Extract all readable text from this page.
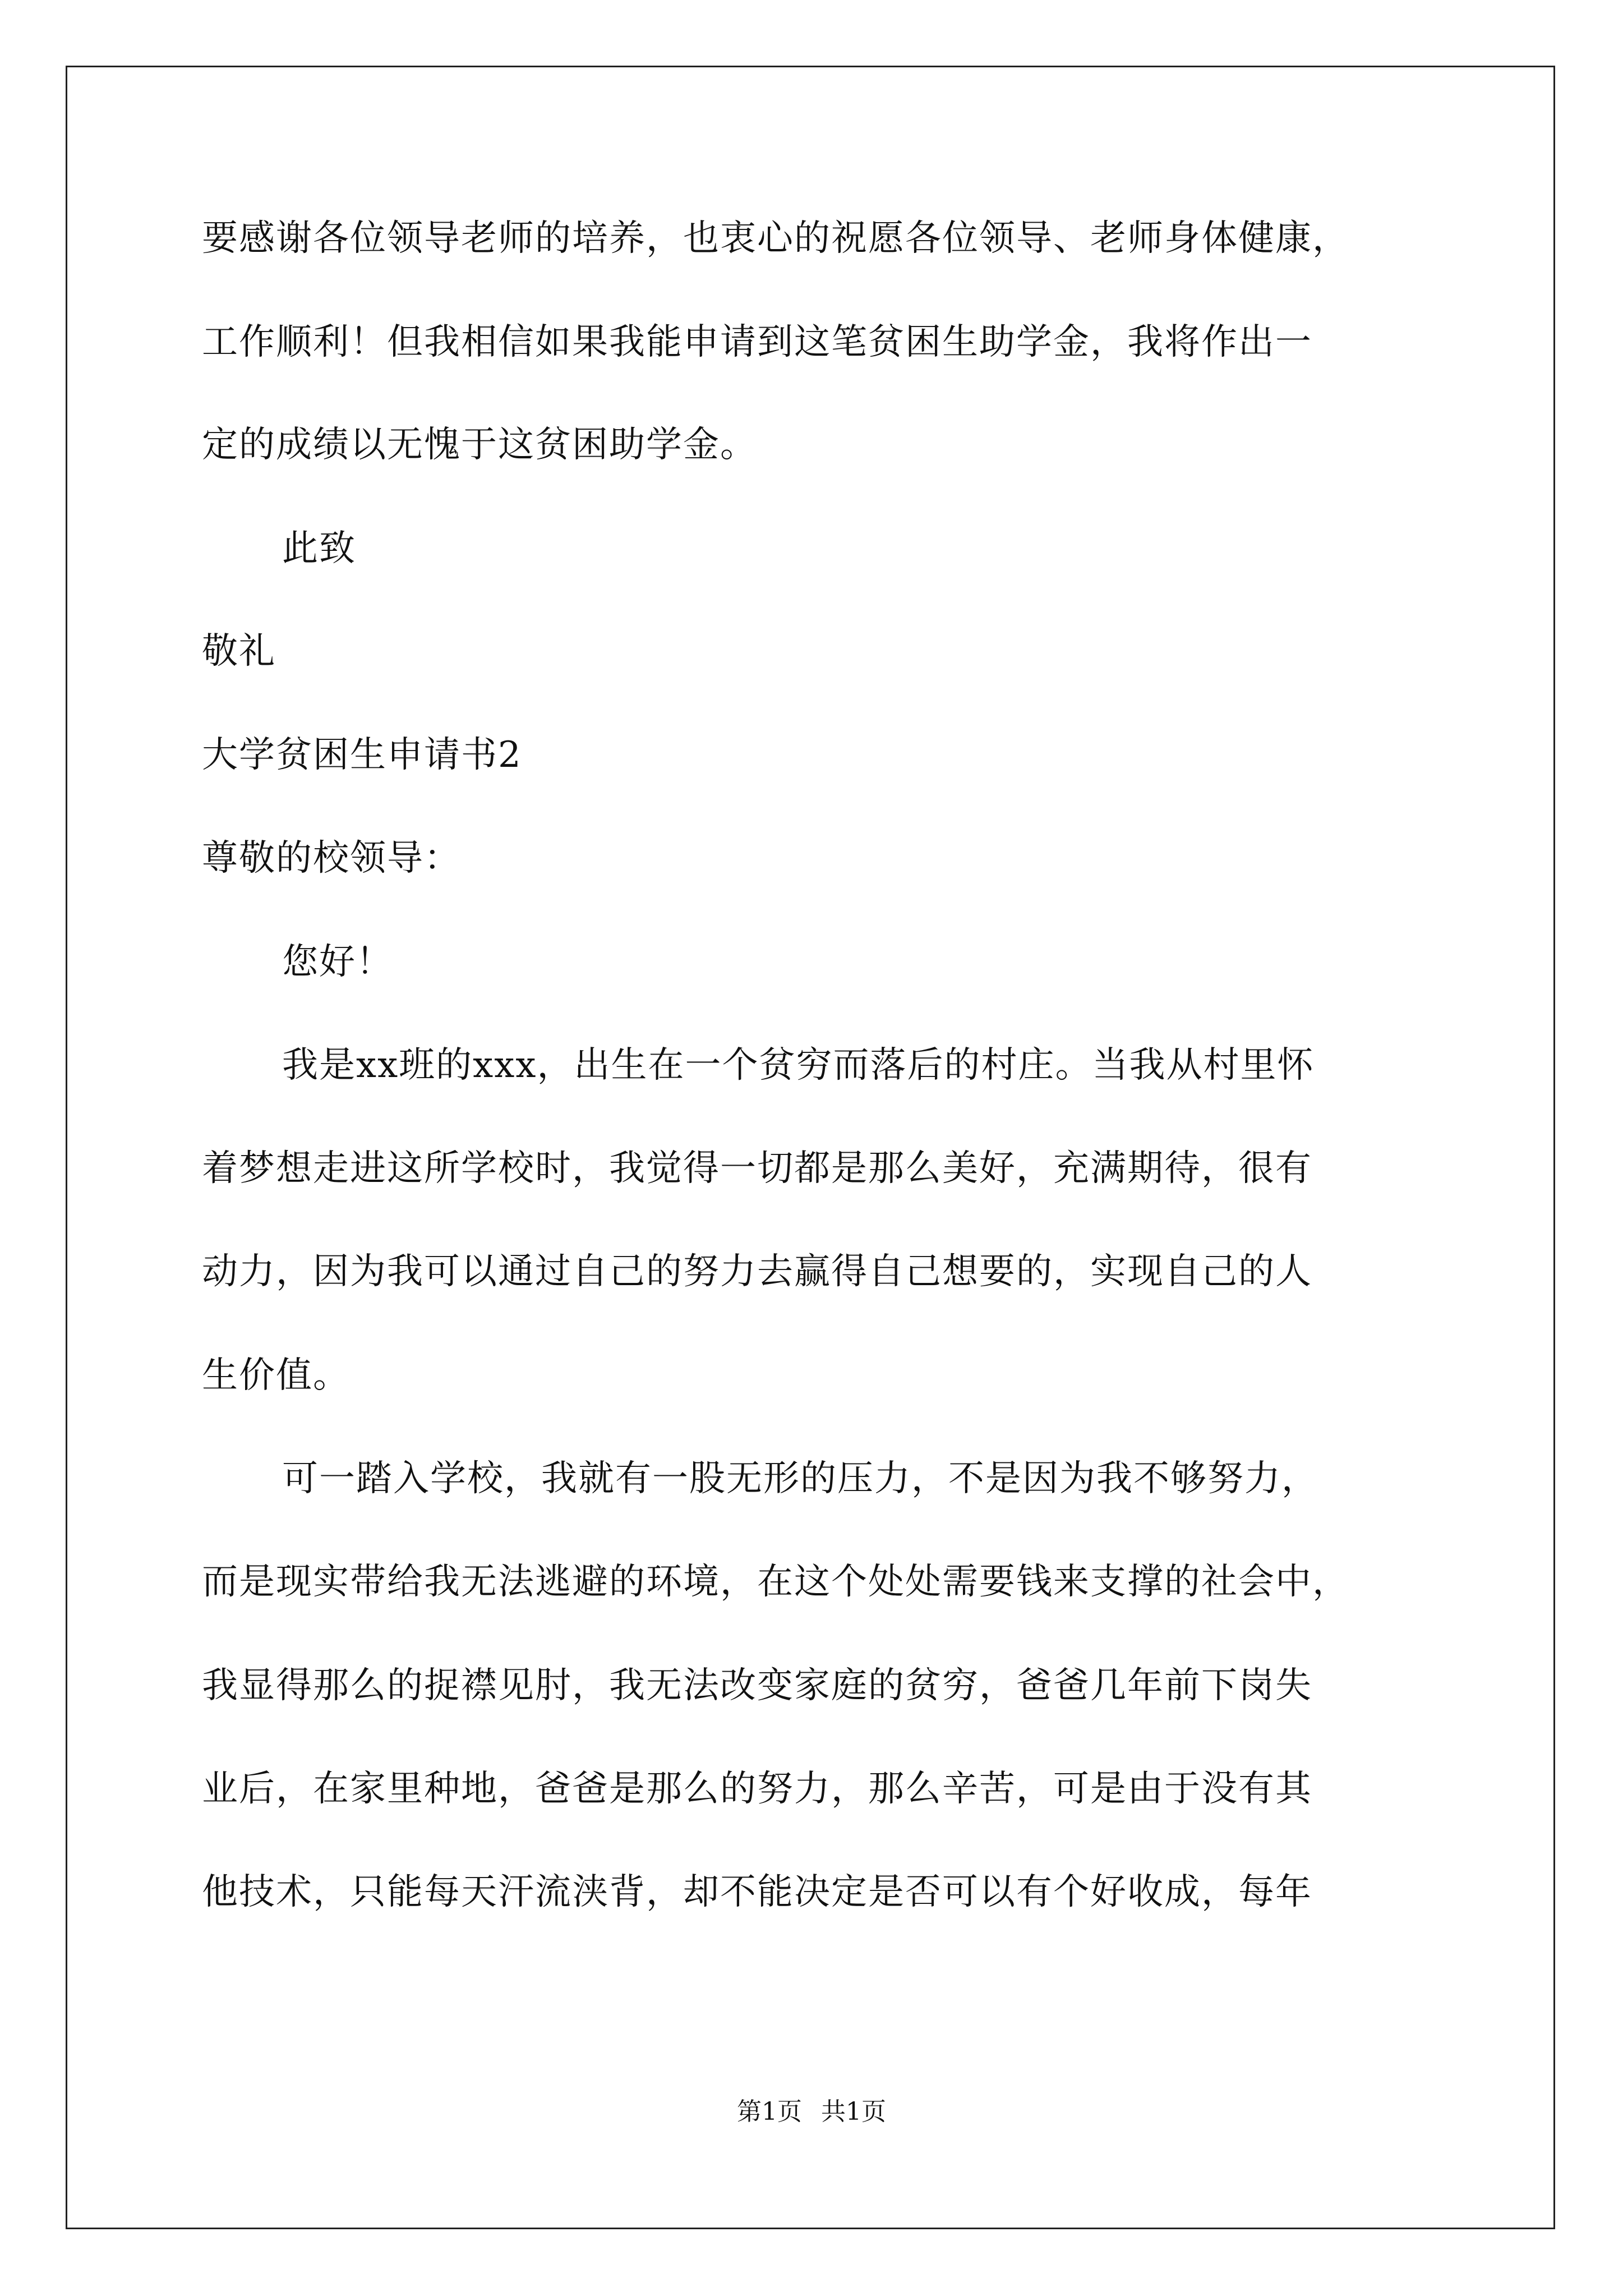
要感谢各位领导老师的培养，也衷心的祝愿各位领导、老师身体健康，
工作顺利！但我相信如果我能申请到这笔贫困生助学金，我将作出一
定的成绩以无愧于这贫困助学金。
此致
敬礼
大学贫困生申请书2
尊敬的校领导：
您好！
我是xx班的xxx，出生在一个贫穷而落后的村庄。当我从村里怀
着梦想走进这所学校时，我觉得一切都是那么美好，充满期待，很有
动力，因为我可以通过自己的努力去赢得自己想要的，实现自己的人
生价值。
可一踏入学校，我就有一股无形的压力，不是因为我不够努力，
而是现实带给我无法逃避的环境，在这个处处需要钱来支撑的社会中，
我显得那么的捉襟见肘，我无法改变家庭的贫穷，爸爸几年前下岗失
业后，在家里种地，爸爸是那么的努力，那么辛苦，可是由于没有其
他技术，只能每天汗流浃背，却不能决定是否可以有个好收成，每年
第1页 共1页
